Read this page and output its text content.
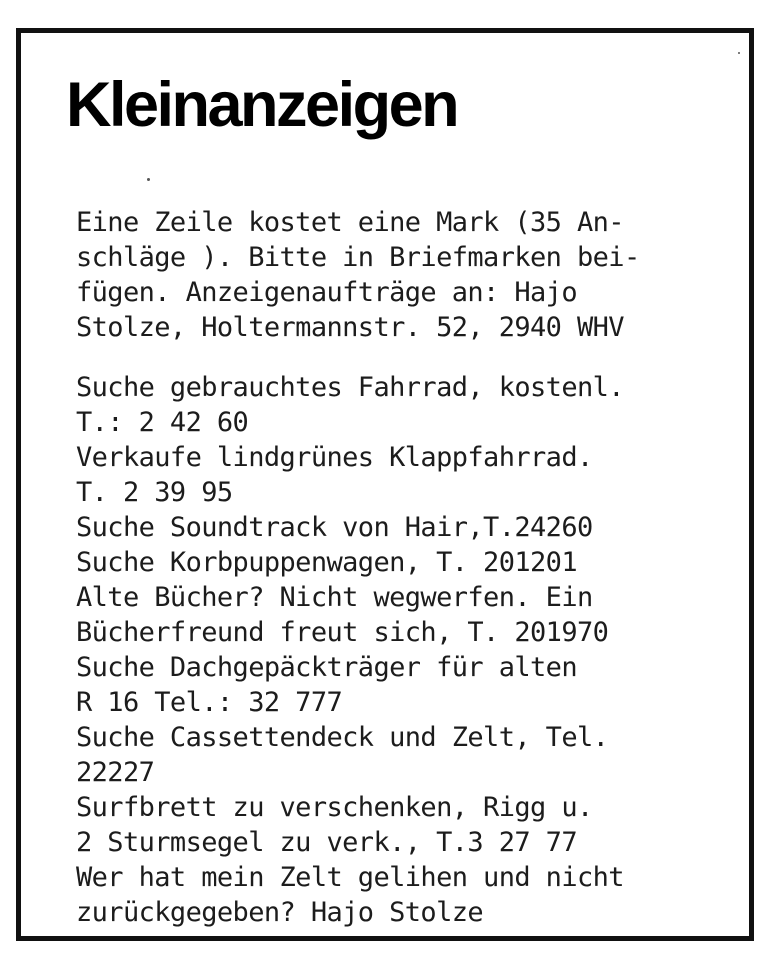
Kleinanzeigen
Eine Zeile kostet eine Mark (35 An-
schläge ). Bitte in Briefmarken bei-
fügen. Anzeigenaufträge an: Hajo
Stolze, Holtermannstr. 52, 2940 WHV
Suche gebrauchtes Fahrrad, kostenl.
T.: 2 42 60
Verkaufe lindgrünes Klappfahrrad.
T. 2 39 95
Suche Soundtrack von Hair,T.24260
Suche Korbpuppenwagen, T. 201201
Alte Bücher? Nicht wegwerfen. Ein
Bücherfreund freut sich, T. 201970
Suche Dachgepäckträger für alten
R 16 Tel.: 32 777
Suche Cassettendeck und Zelt, Tel.
22227
Surfbrett zu verschenken, Rigg u.
2 Sturmsegel zu verk., T.3 27 77
Wer hat mein Zelt gelihen und nicht
zurückgegeben? Hajo Stolze
